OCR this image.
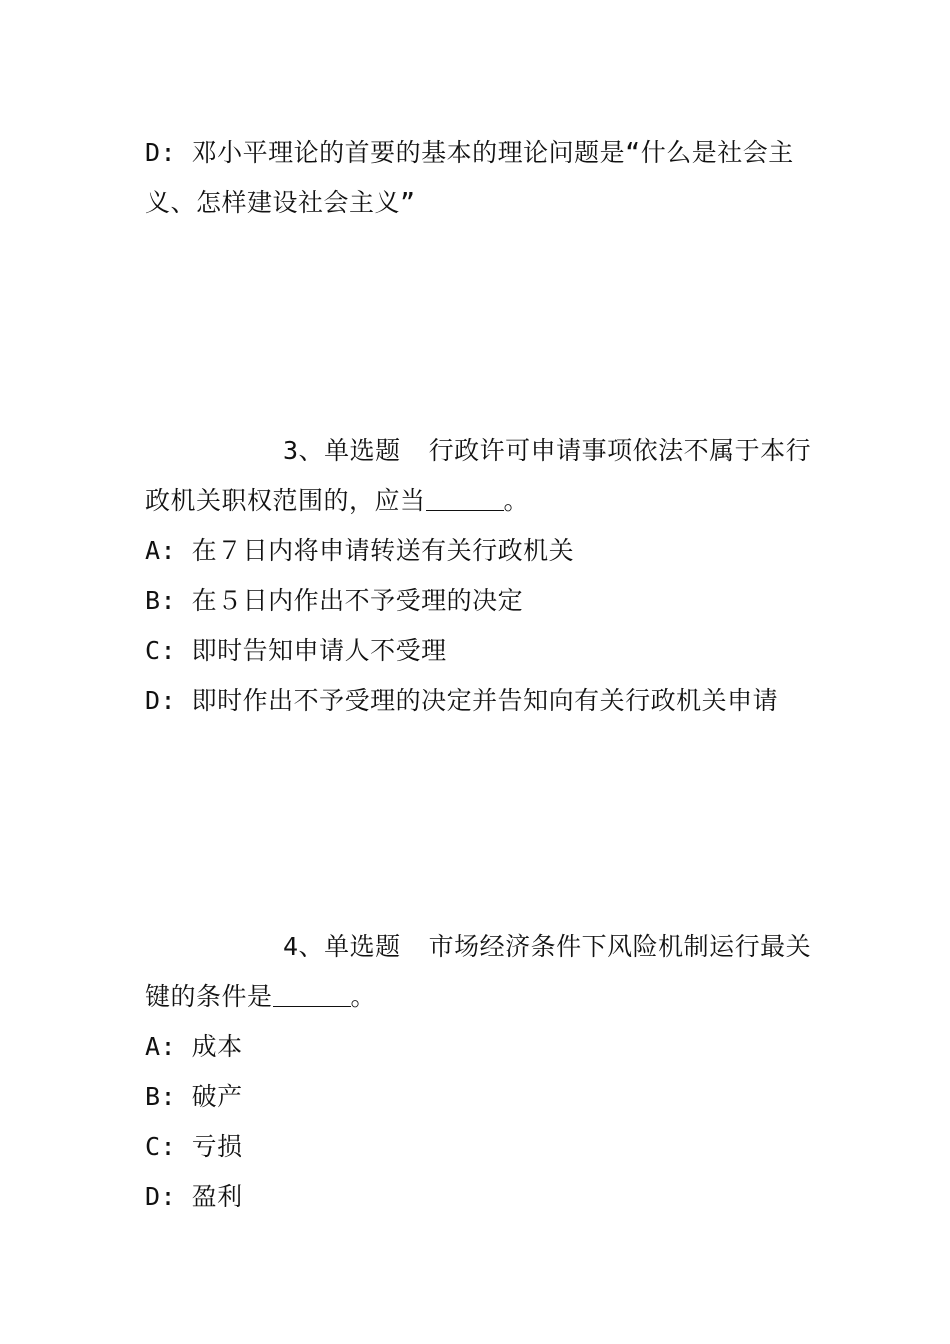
D: 邓小平理论的首要的基本的理论问题是“什么是社会主
义、怎样建设社会主义”
3、单选题 行政许可申请事项依法不属于本行
政机关职权范围的，应当	。
A: 在７日内将申请转送有关行政机关
B: 在５日内作出不予受理的决定
C: 即时告知申请人不受理
D: 即时作出不予受理的决定并告知向有关行政机关申请
4、单选题 市场经济条件下风险机制运行最关
键的条件是	。
A: 成本
B: 破产
C: 亏损
D: 盈利
